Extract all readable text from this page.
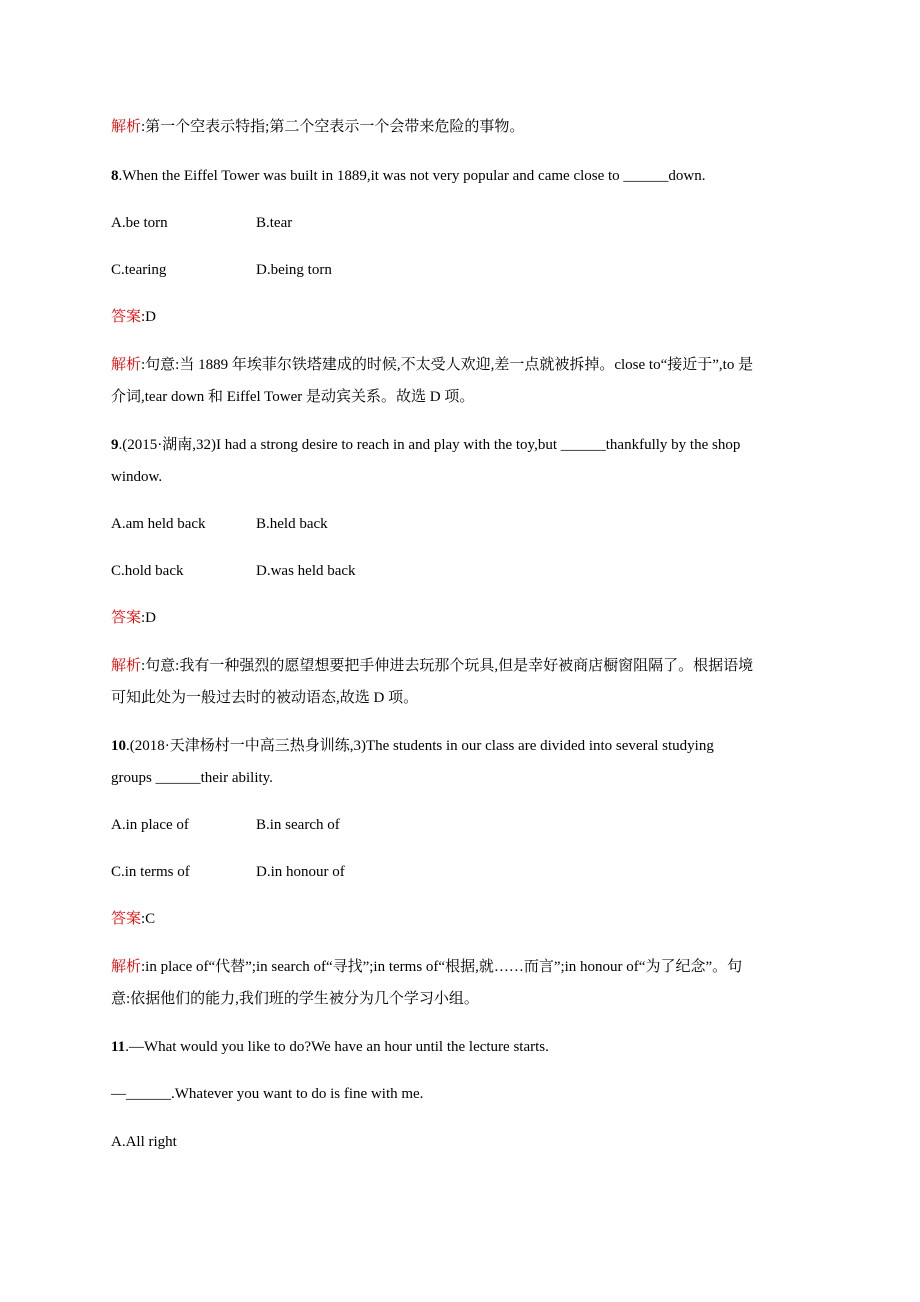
解析:第一个空表示特指;第二个空表示一个会带来危险的事物。
8.When the Eiffel Tower was built in 1889,it was not very popular and came close to ______down.
A.be torn	B.tear
C.tearing	D.being torn
答案:D
解析:句意:当 1889 年埃菲尔铁塔建成的时候,不太受人欢迎,差一点就被拆掉。close to“接近于”,to 是
介词,tear down 和 Eiffel Tower 是动宾关系。故选 D 项。
9.(2015·湖南,32)I had a strong desire to reach in and play with the toy,but ______thankfully by the shop
window.
A.am held back	B.held back
C.hold back	D.was held back
答案:D
解析:句意:我有一种强烈的愿望想要把手伸进去玩那个玩具,但是幸好被商店橱窗阻隔了。根据语境
可知此处为一般过去时的被动语态,故选 D 项。
10.(2018·天津杨村一中高三热身训练,3)The students in our class are divided into several studying
groups ______their ability.
A.in place of	B.in search of
C.in terms of	D.in honour of
答案:C
解析:in place of“代替”;in search of“寻找”;in terms of“根据,就……而言”;in honour of“为了纪念”。句
意:依据他们的能力,我们班的学生被分为几个学习小组。
11.—What would you like to do?We have an hour until the lecture starts.
—______.Whatever you want to do is fine with me.
A.All right
